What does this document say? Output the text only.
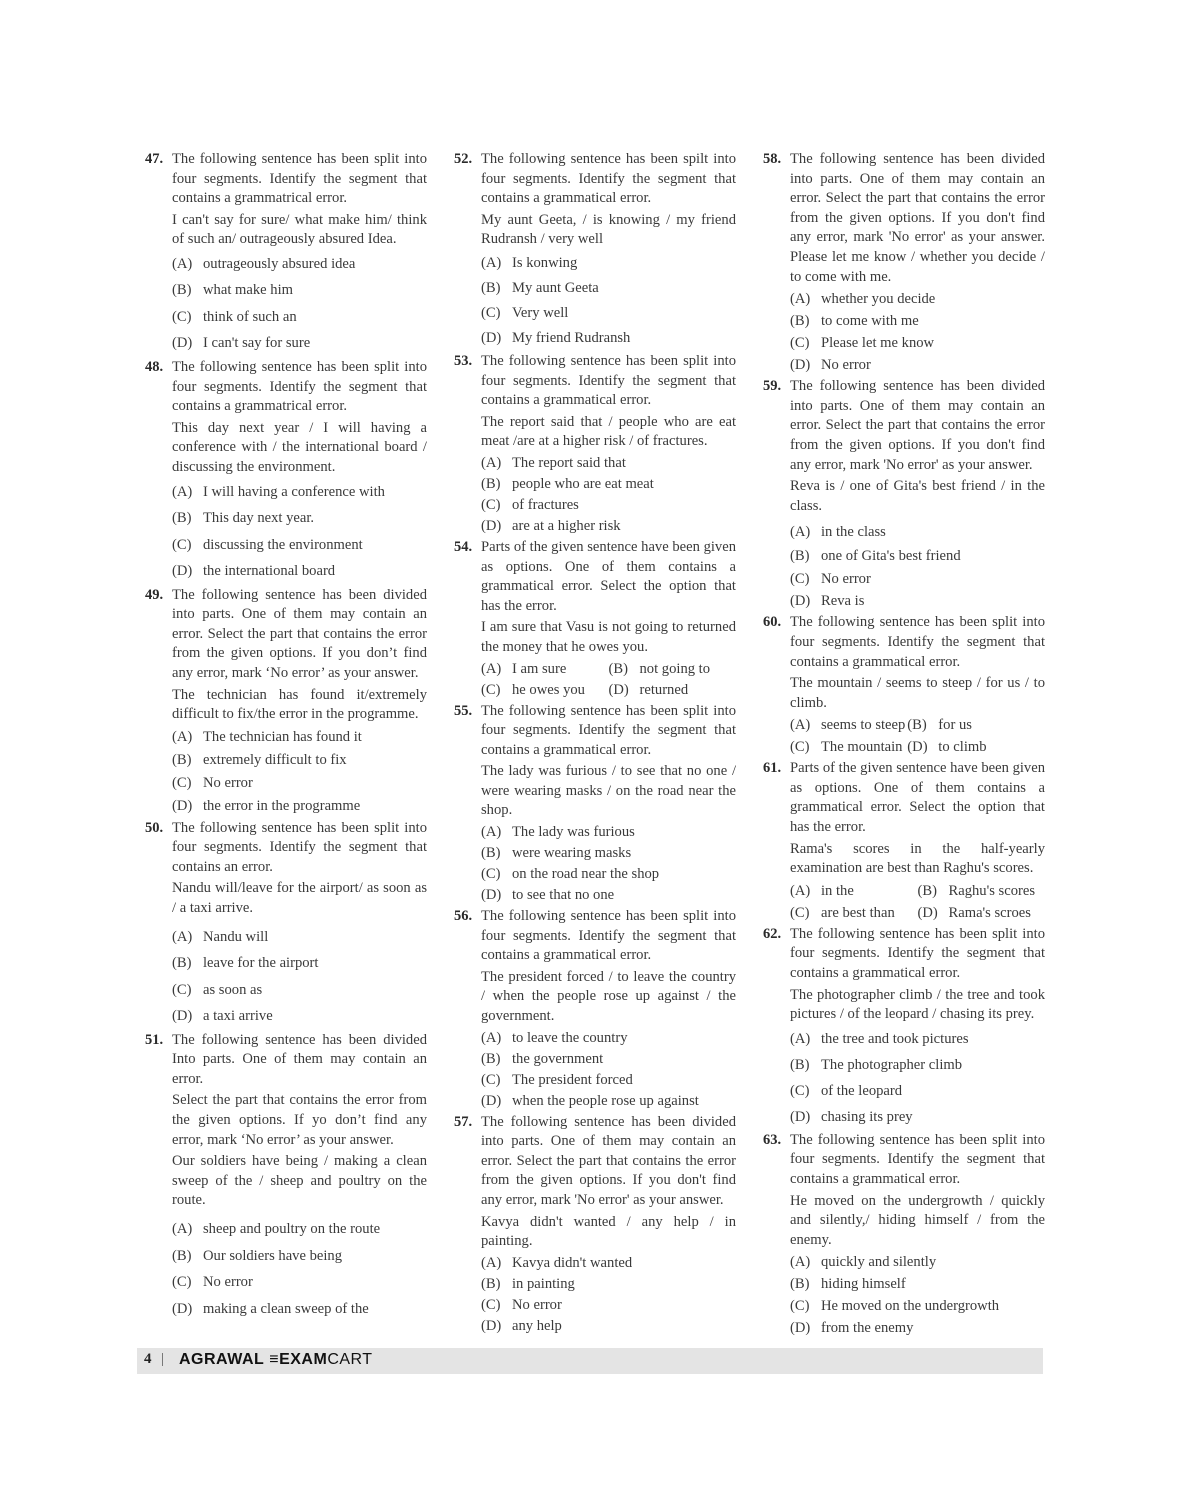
47. The following sentence has been split into four segments. Identify the segment that contains a grammatrical error.

I can't say for sure/ what make him/ think of such an/ outrageously absured Idea.

(A) outrageously absured idea
(B) what make him
(C) think of such an
(D) I can't say for sure
48. The following sentence has been split into four segments. Identify the segment that contains a grammatrical error.

This day next year / I will having a conference with / the international board / discussing the environment.

(A) I will having a conference with
(B) This day next year.
(C) discussing the environment
(D) the international board
49. The following sentence has been divided into parts. One of them may contain an error. Select the part that contains the error from the given options. If you don’t find any error, mark ‘No error’ as your answer.

The technician has found it/extremely difficult to fix/the error in the programme.

(A) The technician has found it
(B) extremely difficult to fix
(C) No error
(D) the error in the programme
50. The following sentence has been split into four segments. Identify the segment that contains an error.

Nandu will/leave for the airport/ as soon as / a taxi arrive.

(A) Nandu will
(B) leave for the airport
(C) as soon as
(D) a taxi arrive
51. The following sentence has been divided Into parts. One of them may contain an error.

Select the part that contains the error from the given options. If yo don’t find any error, mark ‘No error’ as your answer.

Our soldiers have being / making a clean sweep of the / sheep and poultry on the route.

(A) sheep and poultry on the route
(B) Our soldiers have being
(C) No error
(D) making a clean sweep of the
52. The following sentence has been spilt into four segments. Identify the segment that contains a grammatical error.

My aunt Geeta, / is knowing / my friend Rudransh / very well

(A) Is konwing
(B) My aunt Geeta
(C) Very well
(D) My friend Rudransh
53. The following sentence has been split into four segments. Identify the segment that contains a grammatical error.

The report said that / people who are eat meat /are at a higher risk / of fractures.

(A) The report said that
(B) people who are eat meat
(C) of fractures
(D) are at a higher risk
54. Parts of the given sentence have been given as options. One of them contains a grammatical error. Select the option that has the error.

I am sure that Vasu is not going to returned the money that he owes you.

(A) I am sure	(B) not going to
(C) he owes you (D) returned
55. The following sentence has been split into four segments. Identify the segment that contains a grammatical error.

The lady was furious / to see that no one / were wearing masks / on the road near the shop.

(A) The lady was furious
(B) were wearing masks
(C) on the road near the shop
(D) to see that no one
56. The following sentence has been split into four segments. Identify the segment that contains a grammatical error.

The president forced / to leave the country / when the people rose up against / the government.

(A) to leave the country
(B) the government
(C) The president forced
(D) when the people rose up against
57. The following sentence has been divided into parts. One of them may contain an error. Select the part that contains the error from the given options. If you don't find any error, mark 'No error' as your answer.

Kavya didn't wanted / any help / in painting.

(A) Kavya didn't wanted
(B) in painting
(C) No error
(D) any help
58. The following sentence has been divided into parts. One of them may contain an error. Select the part that contains the error from the given options. If you don't find any error, mark 'No error' as your answer. Please let me know / whether you decide / to come with me.

(A) whether you decide
(B) to come with me
(C) Please let me know
(D) No error
59. The following sentence has been divided into parts. One of them may contain an error. Select the part that contains the error from the given options. If you don't find any error, mark 'No error' as your answer.

Reva is / one of Gita's best friend / in the class.

(A) in the class
(B) one of Gita's best friend
(C) No error
(D) Reva is
60. The following sentence has been split into four segments. Identify the segment that contains a grammatical error.

The mountain / seems to steep / for us / to climb.

(A) seems to steep (B) for us
(C) The mountain (D) to climb
61. Parts of the given sentence have been given as options. One of them contains a grammatical error. Select the option that has the error.

Rama's scores in the half-yearly examination are best than Raghu's scores.

(A) in the	(B) Raghu's scores
(C) are best than (D) Rama's scroes
62. The following sentence has been split into four segments. Identify the segment that contains a grammatical error.

The photographer climb / the tree and took pictures / of the leopard / chasing its prey.

(A) the tree and took pictures
(B) The photographer climb
(C) of the leopard
(D) chasing its prey
63. The following sentence has been split into four segments. Identify the segment that contains a grammatical error.

He moved on the undergrowth / quickly and silently,/ hiding himself / from the enemy.

(A) quickly and silently
(B) hiding himself
(C) He moved on the undergrowth
(D) from the enemy
4 | AGRAWAL ≡EXAMCART
